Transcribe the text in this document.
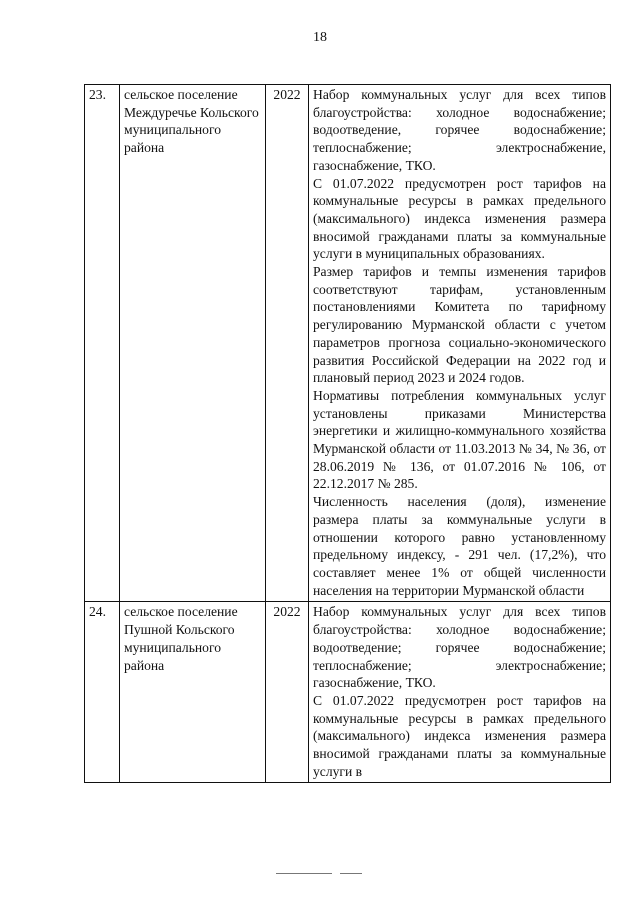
18
23.	сельское поселение Междуречье Кольского муниципального района	2022	Набор коммунальных услуг для всех типов благоустройства: холодное водоснабжение; водоотведение, горячее водоснабжение; теплоснабжение; электроснабжение, газоснабжение, ТКО.

С 01.07.2022 предусмотрен рост тарифов на коммунальные ресурсы в рамках предельного (максимального) индекса изменения размера вносимой гражданами платы за коммунальные услуги в муниципальных образованиях.

Размер тарифов и темпы изменения тарифов соответствуют тарифам, установленным постановлениями Комитета по тарифному регулированию Мурманской области с учетом параметров прогноза социально-экономического развития Российской Федерации на 2022 год и плановый период 2023 и 2024 годов.

Нормативы потребления коммунальных услуг установлены приказами Министерства энергетики и жилищно-коммунального хозяйства Мурманской области от 11.03.2013 № 34, № 36, от 28.06.2019 № 136, от 01.07.2016 № 106, от 22.12.2017 № 285.

Численность населения (доля), изменение размера платы за коммунальные услуги в отношении которого равно установленному предельному индексу, - 291 чел. (17,2%), что составляет менее 1% от общей численности населения на территории Мурманской области

24.	сельское поселение Пушной Кольского муниципального района	2022	Набор коммунальных услуг для всех типов благоустройства: холодное водоснабжение; водоотведение; горячее водоснабжение; теплоснабжение; электроснабжение; газоснабжение, ТКО.

С 01.07.2022 предусмотрен рост тарифов на коммунальные ресурсы в рамках предельного (максимального) индекса изменения размера вносимой гражданами платы за коммунальные услуги в
